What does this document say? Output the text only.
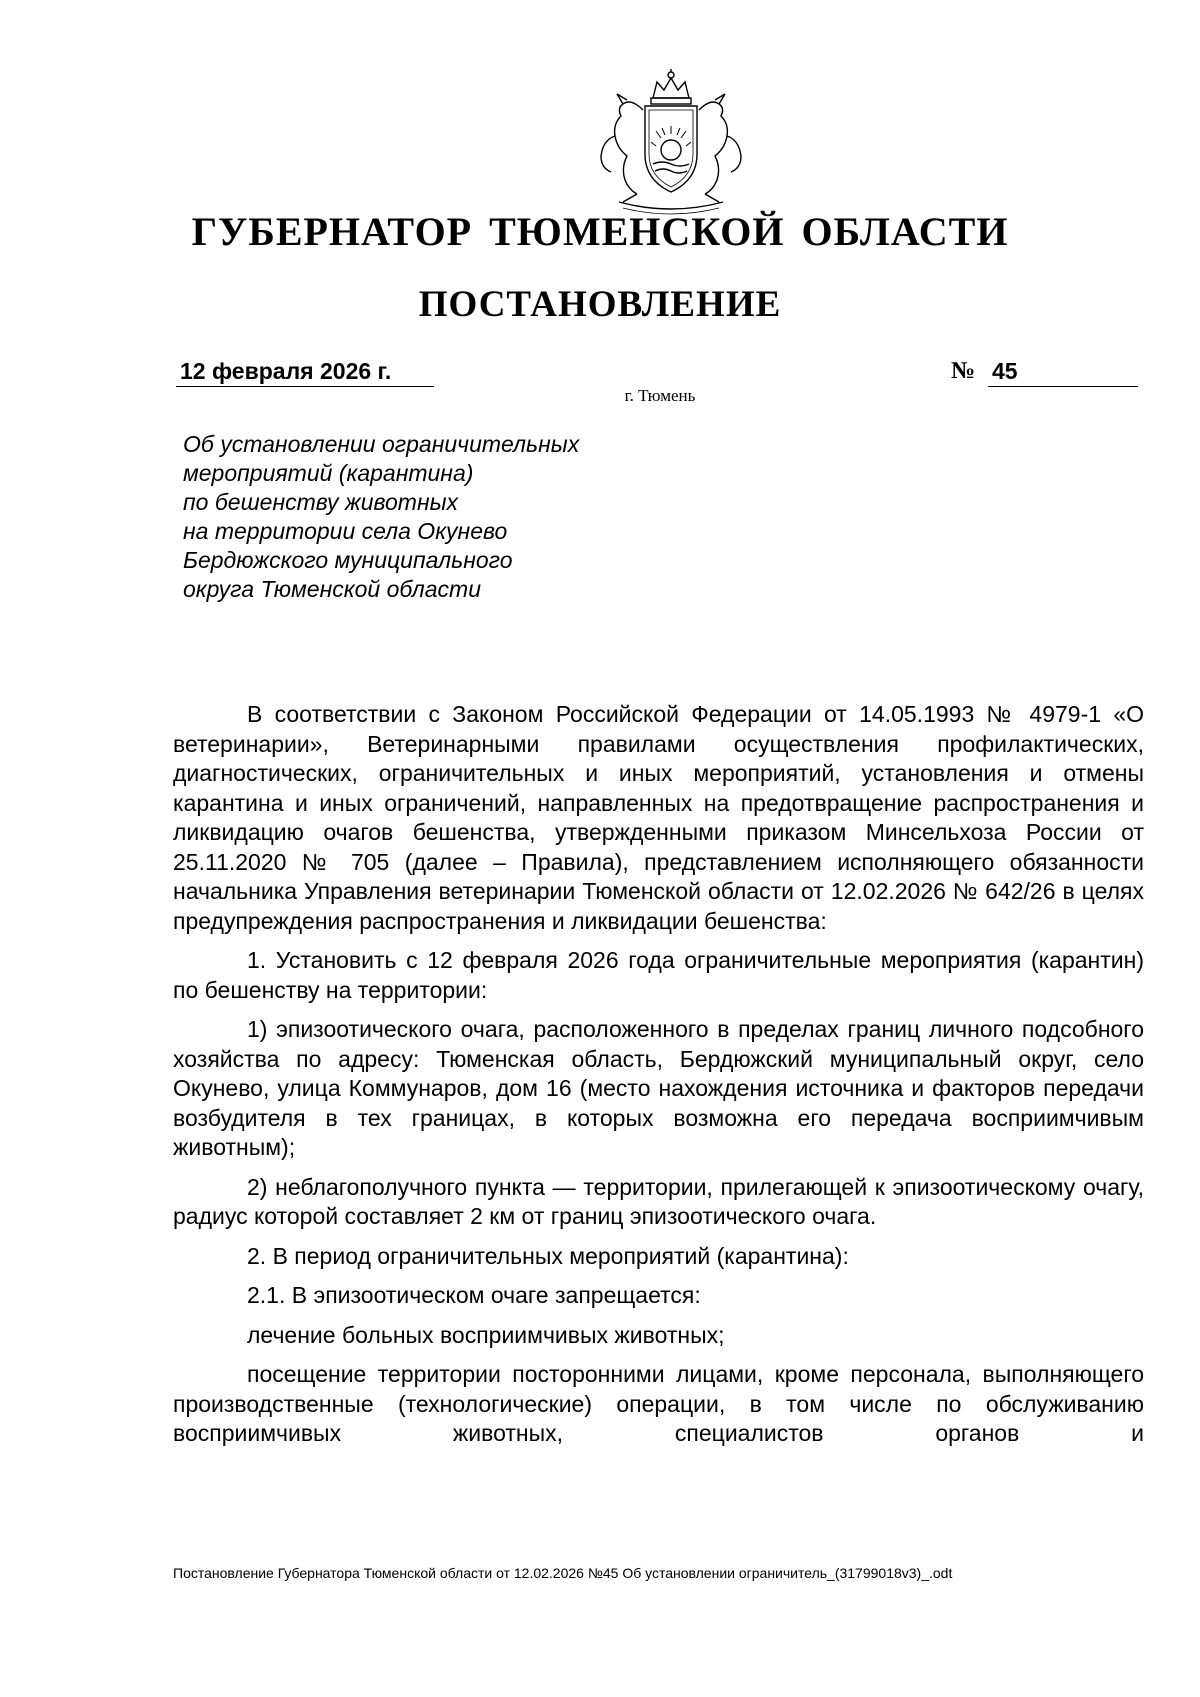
ГУБЕРНАТОР ТЮМЕНСКОЙ ОБЛАСТИ
ПОСТАНОВЛЕНИЕ
12 февраля 2026 г.	№ 45
г. Тюмень
Об установлении ограничительных
мероприятий (карантина)
по бешенству животных
на территории села Окунево
Бердюжского муниципального
округа Тюменской области

В соответствии с Законом Российской Федерации от 14.05.1993 № 4979-1 «О ветеринарии», Ветеринарными правилами осуществления профилактических, диагностических, ограничительных и иных мероприятий, установления и отмены карантина и иных ограничений, направленных на предотвращение распространения и ликвидацию очагов бешенства, утвержденными приказом Минсельхоза России от 25.11.2020 № 705 (далее – Правила), представлением исполняющего обязанности начальника Управления ветеринарии Тюменской области от 12.02.2026 № 642/26 в целях предупреждения распространения и ликвидации бешенства:

1. Установить с 12 февраля 2026 года ограничительные мероприятия (карантин) по бешенству на территории:

1) эпизоотического очага, расположенного в пределах границ личного подсобного хозяйства по адресу: Тюменская область, Бердюжский муниципальный округ, село Окунево, улица Коммунаров, дом 16 (место нахождения источника и факторов передачи возбудителя в тех границах, в которых возможна его передача восприимчивым животным);

2) неблагополучного пункта — территории, прилегающей к эпизоотическому очагу, радиус которой составляет 2 км от границ эпизоотического очага.

2. В период ограничительных мероприятий (карантина):

2.1. В эпизоотическом очаге запрещается:

лечение больных восприимчивых животных;

посещение территории посторонними лицами, кроме персонала, выполняющего производственные (технологические) операции, в том числе по обслуживанию восприимчивых животных, специалистов органов и

Постановление Губернатора Тюменской области от 12.02.2026 №45 Об установлении ограничитель_(31799018v3)_.odt
